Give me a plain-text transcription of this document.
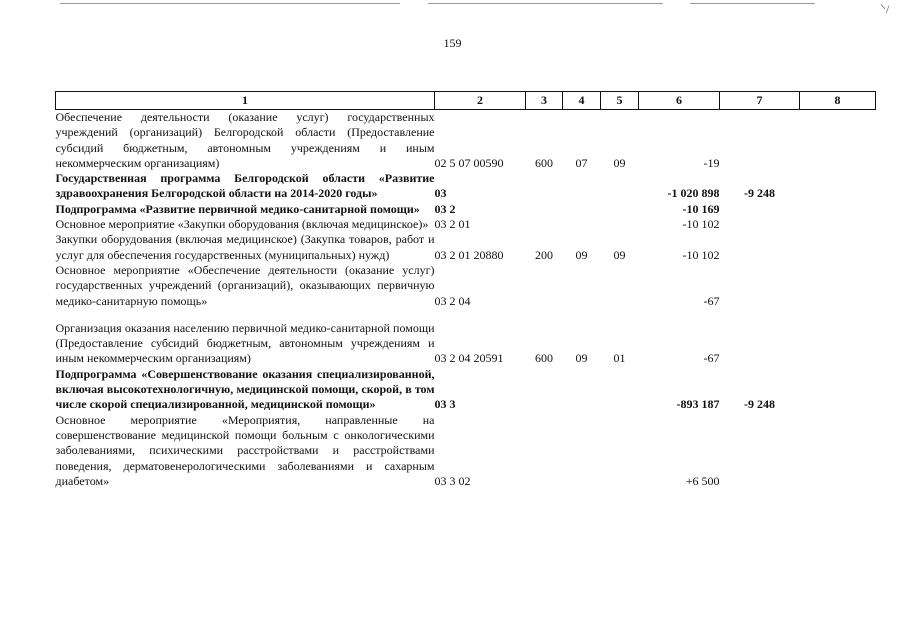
⸌/
159
1	2	3	4	5	6	7	8

Обеспечение деятельности (оказание услуг) государственных учреждений (организаций) Белгородской области (Предоставление субсидий бюджетным, автономным учреждениям и иным некоммерческим организациям)	02 5 07 00590	600	07	09	-19		

Государственная программа Белгородской области «Развитие здравоохранения Белгородской области на 2014-2020 годы»	03				-1 020 898	-9 248	

Подпрограмма «Развитие первичной медико-санитарной помощи»	03 2				-10 169		

Основное мероприятие «Закупки оборудования (включая медицинское)»	03 2 01				-10 102		

Закупки оборудования (включая медицинское) (Закупка товаров, работ и услуг для обеспечения государственных (муниципальных) нужд)	03 2 01 20880	200	09	09	-10 102		

Основное мероприятие «Обеспечение деятельности (оказание услуг) государственных учреждений (организаций), оказывающих первичную медико-санитарную помощь»	03 2 04				-67		

Организация оказания населению первичной медико-санитарной помощи (Предоставление субсидий бюджетным, автономным учреждениям и иным некоммерческим организациям)	03 2 04 20591	600	09	01	-67		

Подпрограмма «Совершенствование оказания специализированной, включая высокотехнологичную, медицинской помощи, скорой, в том числе скорой специализированной, медицинской помощи»	03 3				-893 187	-9 248	

Основное мероприятие «Мероприятия, направленные на совершенствование медицинской помощи больным с онкологическими заболеваниями, психическими расстройствами и расстройствами поведения, дерматовенерологическими заболеваниями и сахарным диабетом»	03 3 02				+6 500		
